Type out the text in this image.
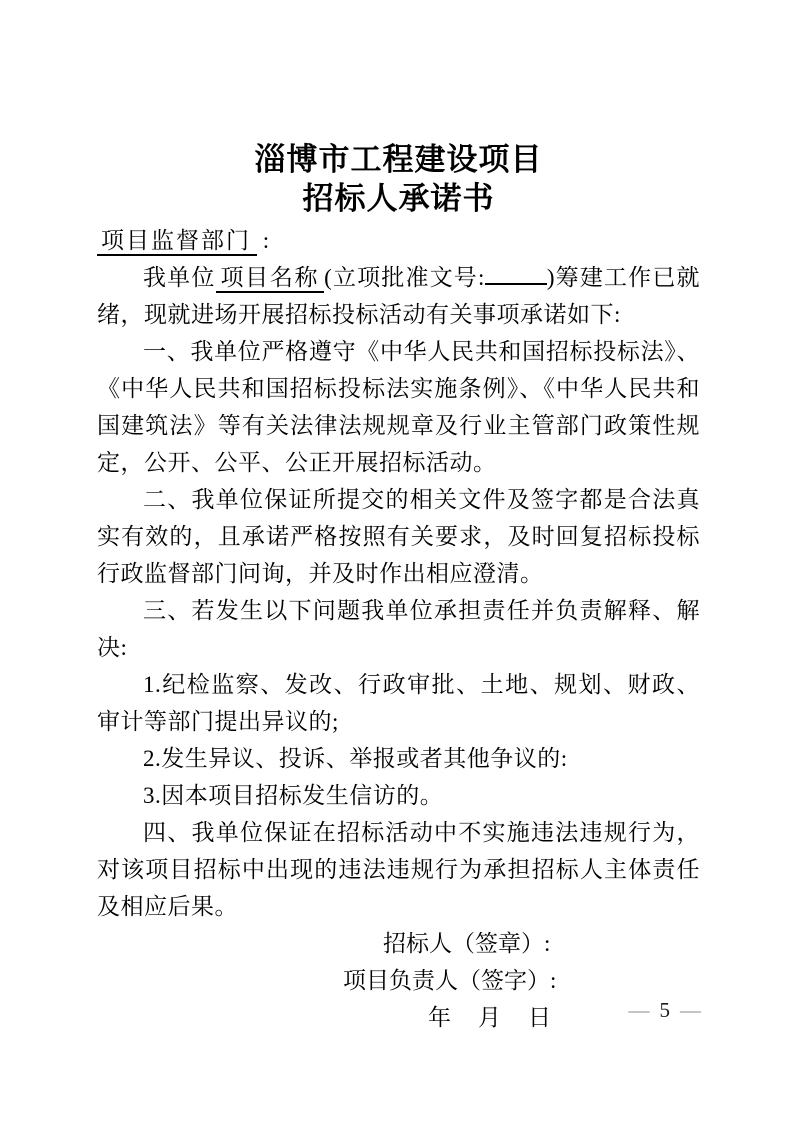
淄博市工程建设项目
招标人承诺书
项目监督部门 :

我单位 项目名称 (立项批准文号:	)筹建工作已就绪，现就进场开展招标投标活动有关事项承诺如下:

一、我单位严格遵守《中华人民共和国招标投标法》、《中华人民共和国招标投标法实施条例》、《中华人民共和国建筑法》等有关法律法规规章及行业主管部门政策性规定，公开、公平、公正开展招标活动。

二、我单位保证所提交的相关文件及签字都是合法真实有效的，且承诺严格按照有关要求，及时回复招标投标行政监督部门问询，并及时作出相应澄清。

三、若发生以下问题我单位承担责任并负责解释、解决:

1.纪检监察、发改、行政审批、土地、规划、财政、审计等部门提出异议的;

2.发生异议、投诉、举报或者其他争议的:

3.因本项目招标发生信访的。

四、我单位保证在招标活动中不实施违法违规行为，对该项目招标中出现的违法违规行为承担招标人主体责任及相应后果。

招标人（签章）:
项目负责人（签字）:
年　月　日	— 5 —
